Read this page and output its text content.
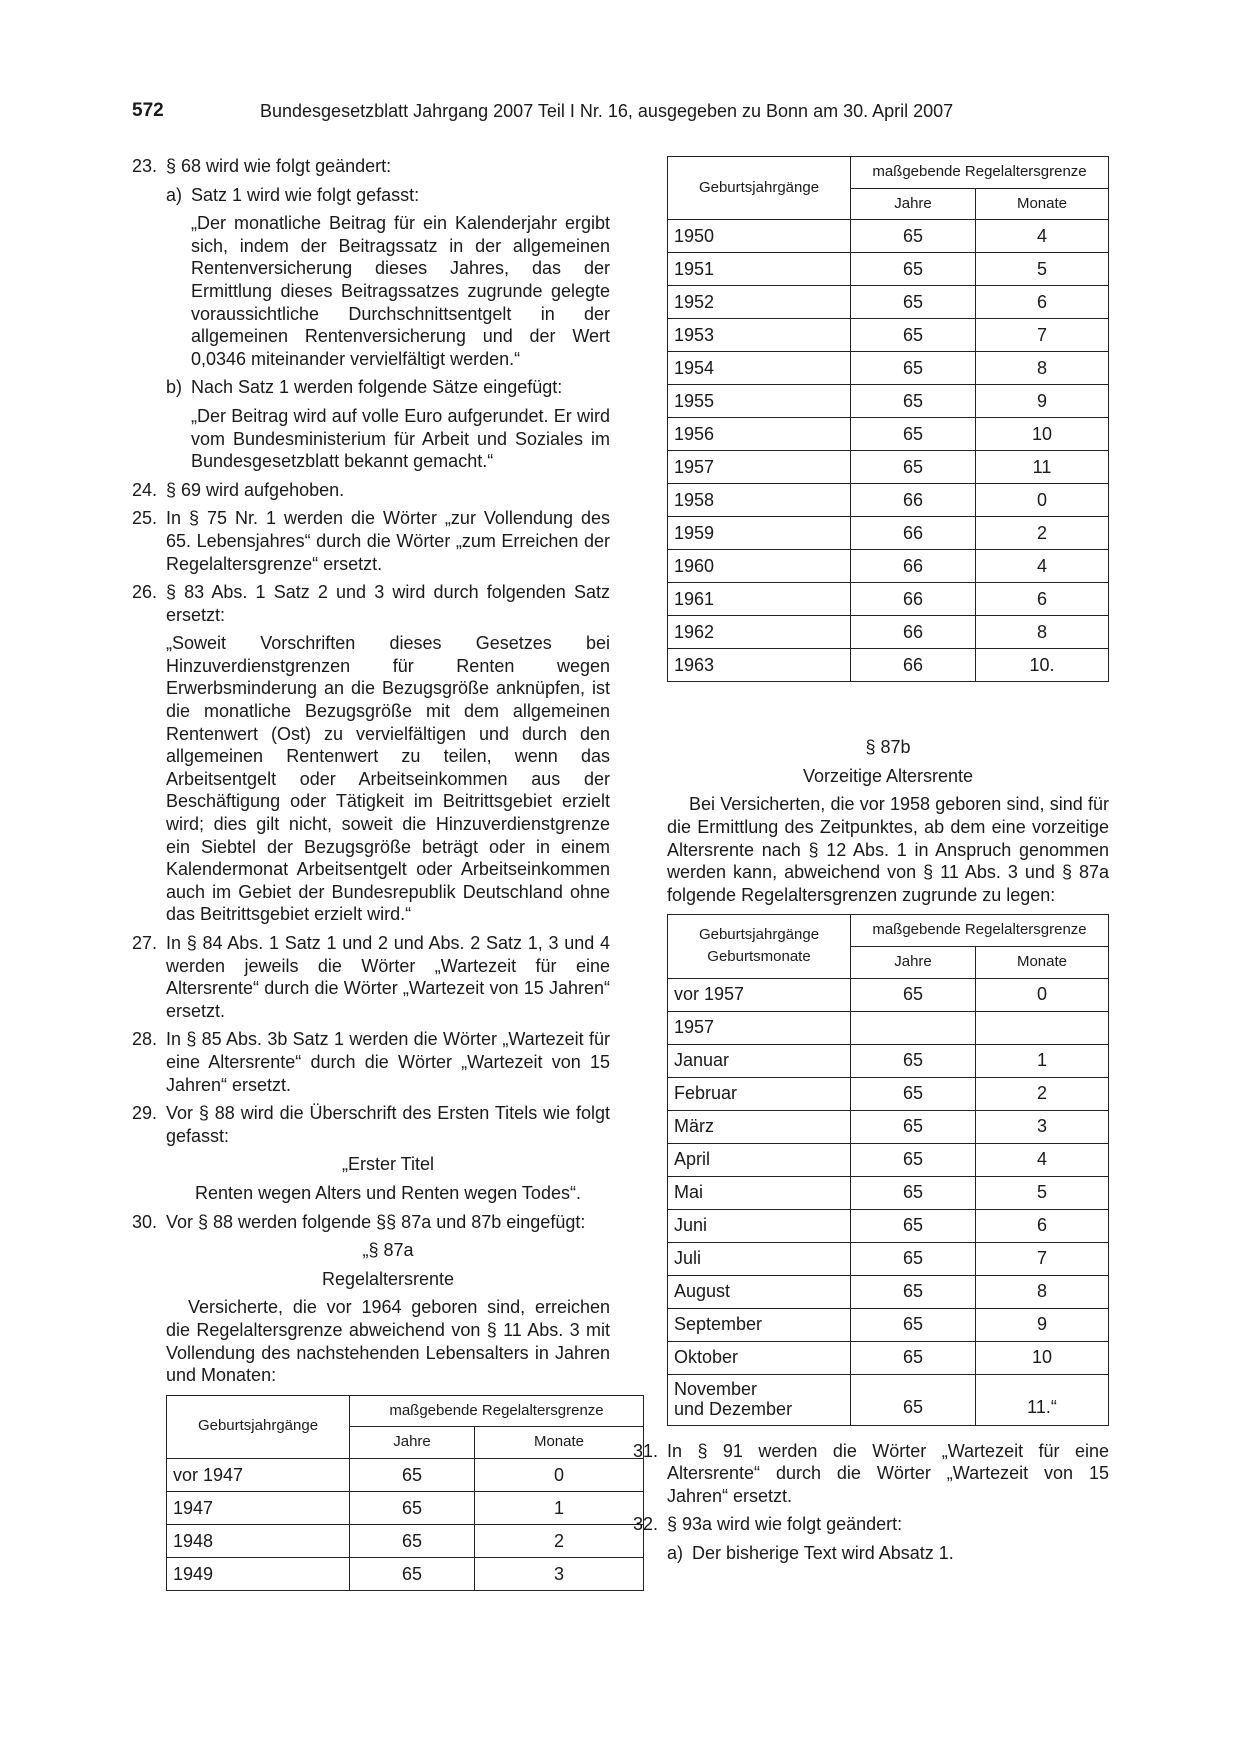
572	Bundesgesetzblatt Jahrgang 2007 Teil I Nr. 16, ausgegeben zu Bonn am 30. April 2007
23. § 68 wird wie folgt geändert:
a) Satz 1 wird wie folgt gefasst:
„Der monatliche Beitrag für ein Kalenderjahr ergibt sich, indem der Beitragssatz in der allgemeinen Rentenversicherung dieses Jahres, das der Ermittlung dieses Beitragssatzes zugrunde gelegte voraussichtliche Durchschnittsentgelt in der allgemeinen Rentenversicherung und der Wert 0,0346 miteinander vervielfältigt werden.“
b) Nach Satz 1 werden folgende Sätze eingefügt:
„Der Beitrag wird auf volle Euro aufgerundet. Er wird vom Bundesministerium für Arbeit und Soziales im Bundesgesetzblatt bekannt gemacht.“
24. § 69 wird aufgehoben.
25. In § 75 Nr. 1 werden die Wörter „zur Vollendung des 65. Lebensjahres“ durch die Wörter „zum Erreichen der Regelaltersgrenze“ ersetzt.
26. § 83 Abs. 1 Satz 2 und 3 wird durch folgenden Satz ersetzt:
„Soweit Vorschriften dieses Gesetzes bei Hinzuverdienstgrenzen für Renten wegen Erwerbsminderung an die Bezugsgröße anknüpfen, ist die monatliche Bezugsgröße mit dem allgemeinen Rentenwert (Ost) zu vervielfältigen und durch den allgemeinen Rentenwert zu teilen, wenn das Arbeitsentgelt oder Arbeitseinkommen aus der Beschäftigung oder Tätigkeit im Beitrittsgebiet erzielt wird; dies gilt nicht, soweit die Hinzuverdienstgrenze ein Siebtel der Bezugsgröße beträgt oder in einem Kalendermonat Arbeitsentgelt oder Arbeitseinkommen auch im Gebiet der Bundesrepublik Deutschland ohne das Beitrittsgebiet erzielt wird.“
27. In § 84 Abs. 1 Satz 1 und 2 und Abs. 2 Satz 1, 3 und 4 werden jeweils die Wörter „Wartezeit für eine Altersrente“ durch die Wörter „Wartezeit von 15 Jahren“ ersetzt.
28. In § 85 Abs. 3b Satz 1 werden die Wörter „Wartezeit für eine Altersrente“ durch die Wörter „Wartezeit von 15 Jahren“ ersetzt.
29. Vor § 88 wird die Überschrift des Ersten Titels wie folgt gefasst:
„Erster Titel
Renten wegen Alters und Renten wegen Todes“.
30. Vor § 88 werden folgende §§ 87a und 87b eingefügt:
„§ 87a
Regelaltersrente
Versicherte, die vor 1964 geboren sind, erreichen die Regelaltersgrenze abweichend von § 11 Abs. 3 mit Vollendung des nachstehenden Lebensalters in Jahren und Monaten:
Geburtsjahrgänge	maßgebende Regelaltersgrenze	
	Jahre	Monate
vor 1947	65	0
1947	65	1
1948	65	2
1949	65	3
Geburtsjahrgänge	maßgebende Regelaltersgrenze	
	Jahre	Monate
1950	65	4
1951	65	5
1952	65	6
1953	65	7
1954	65	8
1955	65	9
1956	65	10
1957	65	11
1958	66	0
1959	66	2
1960	66	4
1961	66	6
1962	66	8
1963	66	10.
§ 87b
Vorzeitige Altersrente
Bei Versicherten, die vor 1958 geboren sind, sind für die Ermittlung des Zeitpunktes, ab dem eine vorzeitige Altersrente nach § 12 Abs. 1 in Anspruch genommen werden kann, abweichend von § 11 Abs. 3 und § 87a folgende Regelaltersgrenzen zugrunde zu legen:
Geburtsjahrgänge
Geburtsmonate	maßgebende Regelaltersgrenze	
	Jahre	Monate
vor 1957	65	0
1957		
Januar	65	1
Februar	65	2
März	65	3
April	65	4
Mai	65	5
Juni	65	6
Juli	65	7
August	65	8
September	65	9
Oktober	65	10
November
und Dezember	65	11.“
31. In § 91 werden die Wörter „Wartezeit für eine Altersrente“ durch die Wörter „Wartezeit von 15 Jahren“ ersetzt.
32. § 93a wird wie folgt geändert:
a) Der bisherige Text wird Absatz 1.
